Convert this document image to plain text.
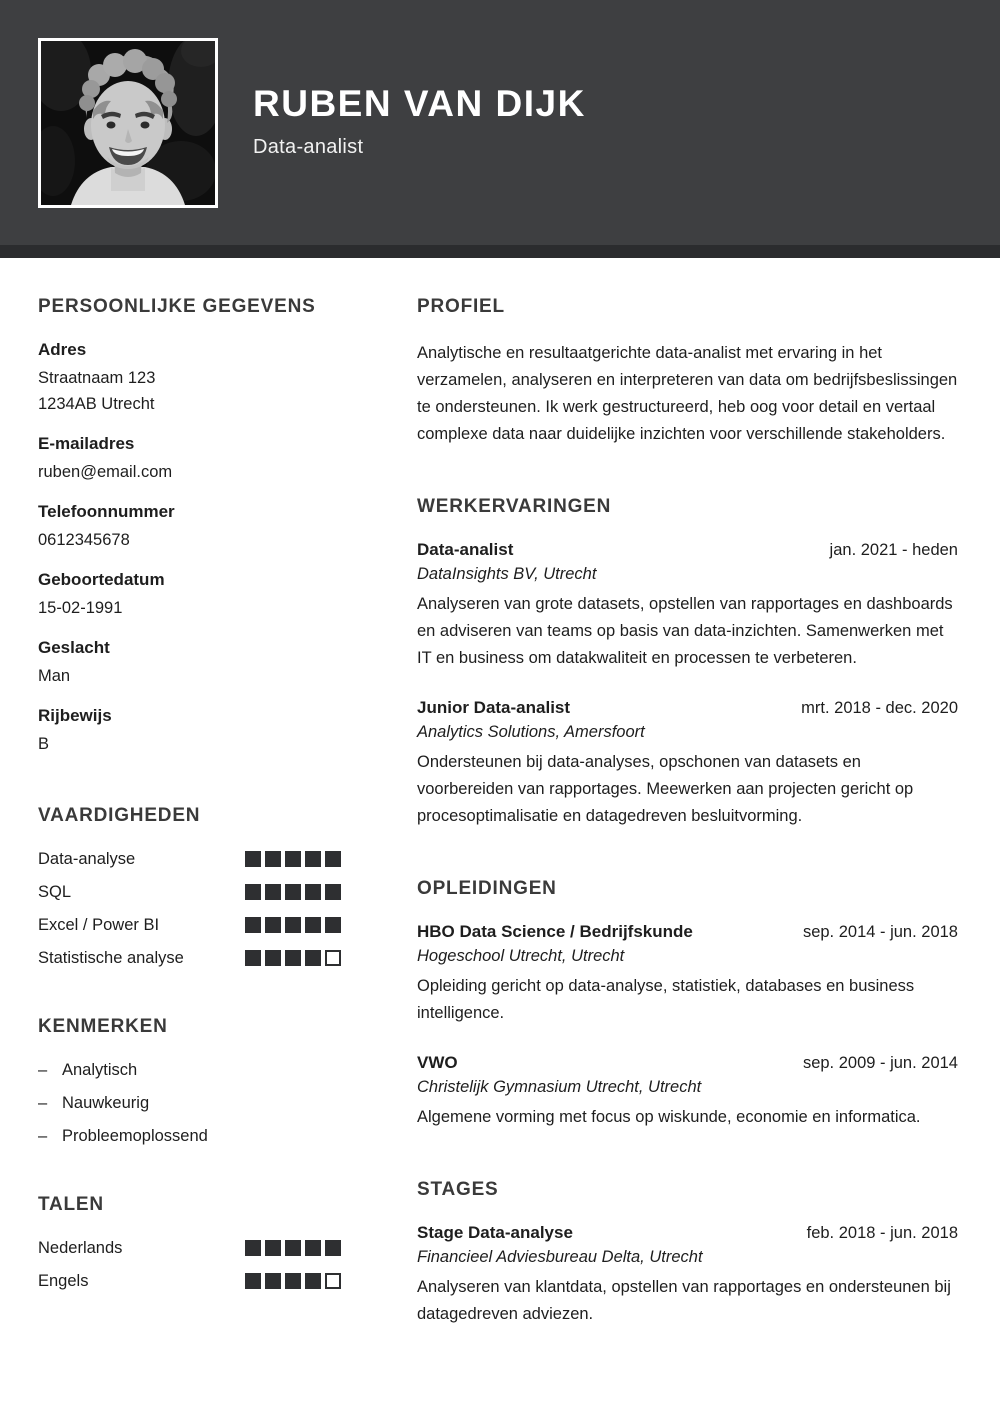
RUBEN VAN DIJK
Data-analist
PERSOONLIJKE GEGEVENS
Adres
Straatnaam 123
1234AB Utrecht
E-mailadres
ruben@email.com
Telefoonnummer
0612345678
Geboortedatum
15-02-1991
Geslacht
Man
Rijbewijs
B
VAARDIGHEDEN
Data-analyse
SQL
Excel / Power BI
Statistische analyse
KENMERKEN
– Analytisch
– Nauwkeurig
– Probleemoplossend
TALEN
Nederlands
Engels
PROFIEL

Analytische en resultaatgerichte data-analist met ervaring in het verzamelen, analyseren en interpreteren van data om bedrijfsbeslissingen te ondersteunen. Ik werk gestructureerd, heb oog voor detail en vertaal complexe data naar duidelijke inzichten voor verschillende stakeholders.

WERKERVARINGEN
Data-analist	jan. 2021 - heden
DataInsights BV, Utrecht
Analyseren van grote datasets, opstellen van rapportages en dashboards en adviseren van teams op basis van data-inzichten. Samenwerken met IT en business om datakwaliteit en processen te verbeteren.
Junior Data-analist	mrt. 2018 - dec. 2020
Analytics Solutions, Amersfoort
Ondersteunen bij data-analyses, opschonen van datasets en voorbereiden van rapportages. Meewerken aan projecten gericht op procesoptimalisatie en datagedreven besluitvorming.
OPLEIDINGEN
HBO Data Science / Bedrijfskunde	sep. 2014 - jun. 2018
Hogeschool Utrecht, Utrecht
Opleiding gericht op data-analyse, statistiek, databases en business intelligence.
VWO	sep. 2009 - jun. 2014
Christelijk Gymnasium Utrecht, Utrecht
Algemene vorming met focus op wiskunde, economie en informatica.
STAGES
Stage Data-analyse	feb. 2018 - jun. 2018
Financieel Adviesbureau Delta, Utrecht
Analyseren van klantdata, opstellen van rapportages en ondersteunen bij datagedreven adviezen.
